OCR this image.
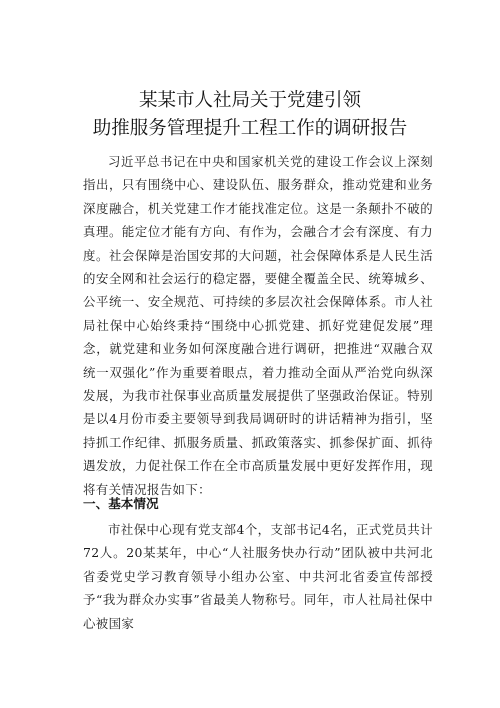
某某市人社局关于党建引领
助推服务管理提升工程工作的调研报告

习近平总书记在中央和国家机关党的建设工作会议上深刻指出，只有围绕中心、建设队伍、服务群众，推动党建和业务深度融合，机关党建工作才能找准定位。这是一条颠扑不破的真理。能定位才能有方向、有作为，会融合才会有深度、有力度。社会保障是治国安邦的大问题，社会保障体系是人民生活的安全网和社会运行的稳定器，要健全覆盖全民、统筹城乡、公平统一、安全规范、可持续的多层次社会保障体系。市人社局社保中心始终秉持“围绕中心抓党建、抓好党建促发展”理念，就党建和业务如何深度融合进行调研，把推进“双融合双统一双强化”作为重要着眼点，着力推动全面从严治党向纵深发展，为我市社保事业高质量发展提供了坚强政治保证。特别是以4月份市委主要领导到我局调研时的讲话精神为指引，坚持抓工作纪律、抓服务质量、抓政策落实、抓参保扩面、抓待遇发放，力促社保工作在全市高质量发展中更好发挥作用，现将有关情况报告如下：

一、基本情况

市社保中心现有党支部4个，支部书记4名，正式党员共计72人。20某某年，中心“人社服务快办行动”团队被中共河北省委党史学习教育领导小组办公室、中共河北省委宣传部授予“我为群众办实事”省最美人物称号。同年，市人社局社保中心被国家
